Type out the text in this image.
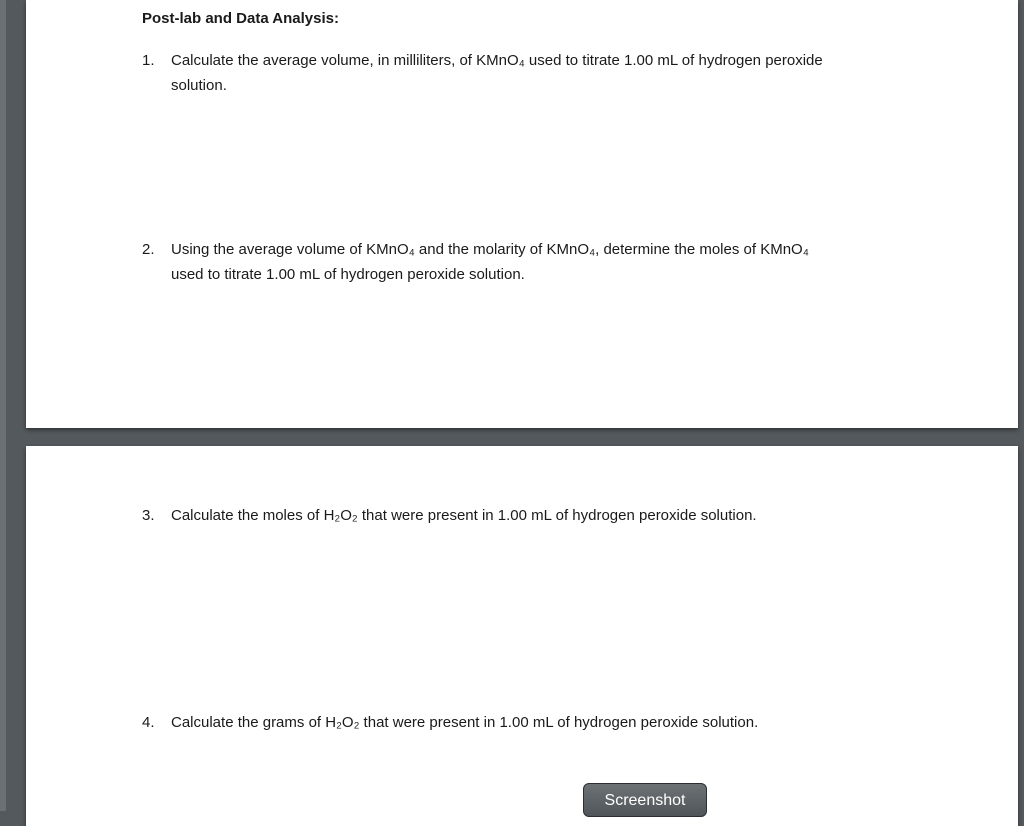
Post-lab and Data Analysis:
1.	Calculate the average volume, in milliliters, of KMnO₄ used to titrate 1.00 mL of hydrogen peroxide
solution.
2.	Using the average volume of KMnO₄ and the molarity of KMnO₄, determine the moles of KMnO₄
used to titrate 1.00 mL of hydrogen peroxide solution.
3.	Calculate the moles of H₂O₂ that were present in 1.00 mL of hydrogen peroxide solution.
4.	Calculate the grams of H₂O₂ that were present in 1.00 mL of hydrogen peroxide solution.
Screenshot
